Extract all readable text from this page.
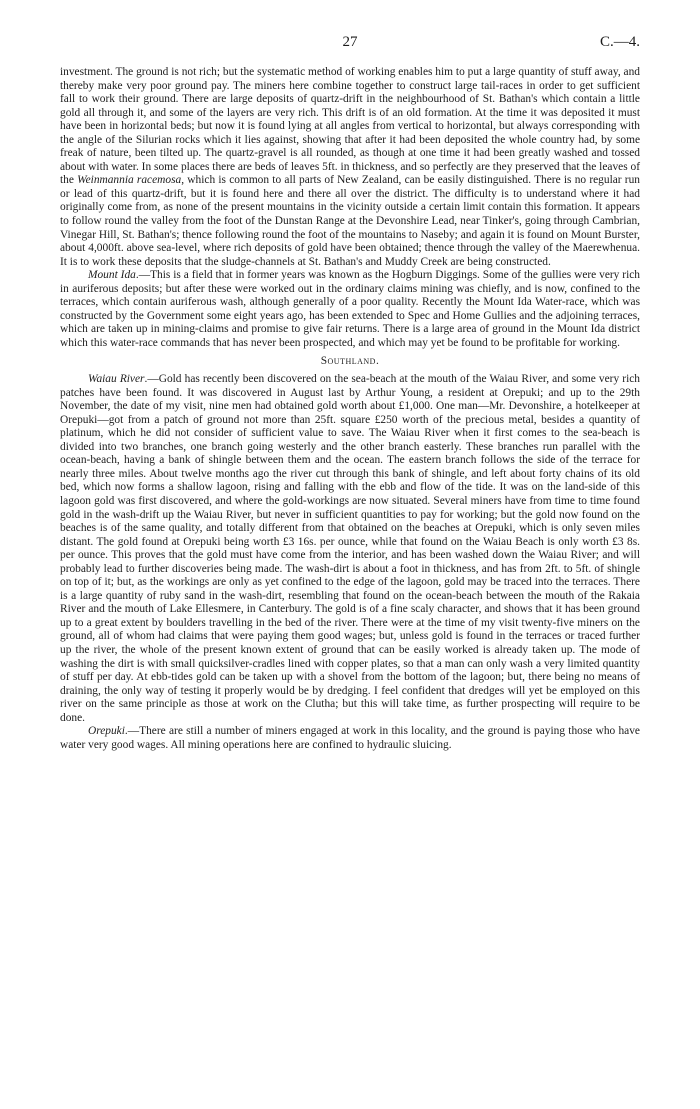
27	C.—4.

investment. The ground is not rich; but the systematic method of working enables him to put a large quantity of stuff away, and thereby make very poor ground pay. The miners here combine together to construct large tail-races in order to get sufficient fall to work their ground. There are large deposits of quartz-drift in the neighbourhood of St. Bathan's which contain a little gold all through it, and some of the layers are very rich. This drift is of an old formation. At the time it was deposited it must have been in horizontal beds; but now it is found lying at all angles from vertical to horizontal, but always corresponding with the angle of the Silurian rocks which it lies against, showing that after it had been deposited the whole country had, by some freak of nature, been tilted up. The quartz-gravel is all rounded, as though at one time it had been greatly washed and tossed about with water. In some places there are beds of leaves 5ft. in thickness, and so perfectly are they preserved that the leaves of the Weinmannia racemosa, which is common to all parts of New Zealand, can be easily distinguished. There is no regular run or lead of this quartz-drift, but it is found here and there all over the district. The difficulty is to understand where it had originally come from, as none of the present mountains in the vicinity outside a certain limit contain this formation. It appears to follow round the valley from the foot of the Dunstan Range at the Devonshire Lead, near Tinker's, going through Cambrian, Vinegar Hill, St. Bathan's; thence following round the foot of the mountains to Naseby; and again it is found on Mount Burster, about 4,000ft. above sea-level, where rich deposits of gold have been obtained; thence through the valley of the Maerewhenua. It is to work these deposits that the sludge-channels at St. Bathan's and Muddy Creek are being constructed.

Mount Ida.—This is a field that in former years was known as the Hogburn Diggings. Some of the gullies were very rich in auriferous deposits; but after these were worked out in the ordinary claims mining was chiefly, and is now, confined to the terraces, which contain auriferous wash, although generally of a poor quality. Recently the Mount Ida Water-race, which was constructed by the Government some eight years ago, has been extended to Spec and Home Gullies and the adjoining terraces, which are taken up in mining-claims and promise to give fair returns. There is a large area of ground in the Mount Ida district which this water-race commands that has never been prospected, and which may yet be found to be profitable for working.

Southland.

Waiau River.—Gold has recently been discovered on the sea-beach at the mouth of the Waiau River, and some very rich patches have been found. It was discovered in August last by Arthur Young, a resident at Orepuki; and up to the 29th November, the date of my visit, nine men had obtained gold worth about £1,000. One man—Mr. Devonshire, a hotelkeeper at Orepuki—got from a patch of ground not more than 25ft. square £250 worth of the precious metal, besides a quantity of platinum, which he did not consider of sufficient value to save. The Waiau River when it first comes to the sea-beach is divided into two branches, one branch going westerly and the other branch easterly. These branches run parallel with the ocean-beach, having a bank of shingle between them and the ocean. The eastern branch follows the side of the terrace for nearly three miles. About twelve months ago the river cut through this bank of shingle, and left about forty chains of its old bed, which now forms a shallow lagoon, rising and falling with the ebb and flow of the tide. It was on the land-side of this lagoon gold was first discovered, and where the gold-workings are now situated. Several miners have from time to time found gold in the wash-drift up the Waiau River, but never in sufficient quantities to pay for working; but the gold now found on the beaches is of the same quality, and totally different from that obtained on the beaches at Orepuki, which is only seven miles distant. The gold found at Orepuki being worth £3 16s. per ounce, while that found on the Waiau Beach is only worth £3 8s. per ounce. This proves that the gold must have come from the interior, and has been washed down the Waiau River; and will probably lead to further discoveries being made. The wash-dirt is about a foot in thickness, and has from 2ft. to 5ft. of shingle on top of it; but, as the workings are only as yet confined to the edge of the lagoon, gold may be traced into the terraces. There is a large quantity of ruby sand in the wash-dirt, resembling that found on the ocean-beach between the mouth of the Rakaia River and the mouth of Lake Ellesmere, in Canterbury. The gold is of a fine scaly character, and shows that it has been ground up to a great extent by boulders travelling in the bed of the river. There were at the time of my visit twenty-five miners on the ground, all of whom had claims that were paying them good wages; but, unless gold is found in the terraces or traced further up the river, the whole of the present known extent of ground that can be easily worked is already taken up. The mode of washing the dirt is with small quicksilver-cradles lined with copper plates, so that a man can only wash a very limited quantity of stuff per day. At ebb-tides gold can be taken up with a shovel from the bottom of the lagoon; but, there being no means of draining, the only way of testing it properly would be by dredging. I feel confident that dredges will yet be employed on this river on the same principle as those at work on the Clutha; but this will take time, as further prospecting will require to be done.

Orepuki.—There are still a number of miners engaged at work in this locality, and the ground is paying those who have water very good wages. All mining operations here are confined to hydraulic sluicing.
